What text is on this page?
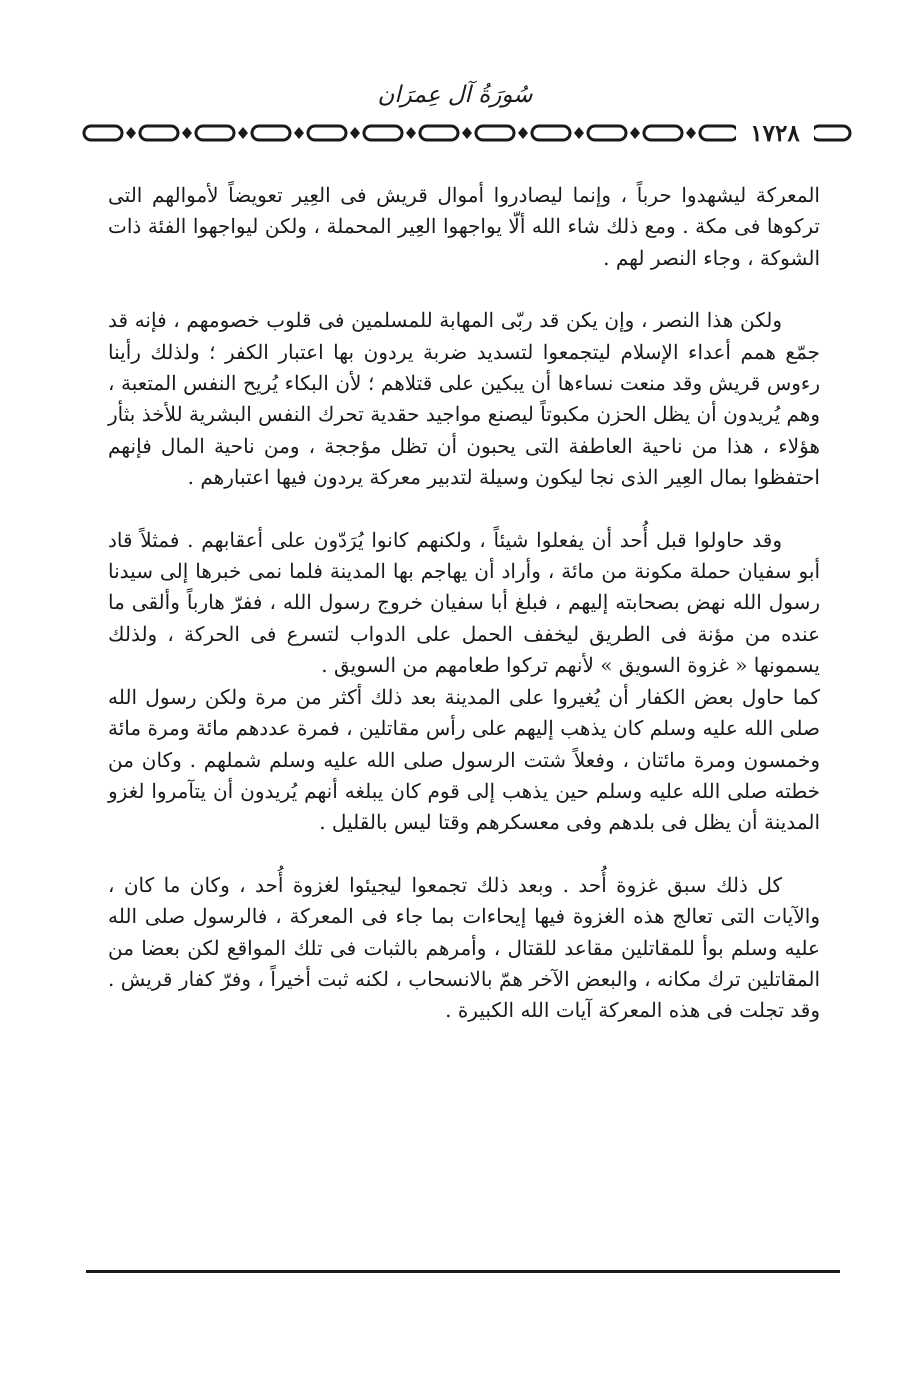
سُورَةُ آل عِمرَان
١٧٢٨

المعركة ليشهدوا حرباً ، وإنما ليصادروا أموال قريش فى العِير تعويضاً لأموالهم التى تركوها فى مكة . ومع ذلك شاء الله ألّا يواجهوا العِير المحملة ، ولكن ليواجهوا الفئة ذات الشوكة ، وجاء النصر لهم .

ولكن هذا النصر ، وإن يكن قد ربّى المهابة للمسلمين فى قلوب خصومهم ، فإنه قد جمّع همم أعداء الإسلام ليتجمعوا لتسديد ضربة يردون بها اعتبار الكفر ؛ ولذلك رأينا رءوس قريش وقد منعت نساءها أن يبكين على قتلاهم ؛ لأن البكاء يُريح النفس المتعبة ، وهم يُريدون أن يظل الحزن مكبوتاً ليصنع مواجيد حقدية تحرك النفس البشرية للأخذ بثأر هؤلاء ، هذا من ناحية العاطفة التى يحبون أن تظل مؤججة ، ومن ناحية المال فإنهم احتفظوا بمال العِير الذى نجا ليكون وسيلة لتدبير معركة يردون فيها اعتبارهم .

وقد حاولوا قبل أُحد أن يفعلوا شيئاً ، ولكنهم كانوا يُرَدّون على أعقابهم . فمثلاً قاد أبو سفيان حملة مكونة من مائة ، وأراد أن يهاجم بها المدينة فلما نمى خبرها إلى سيدنا رسول الله نهض بصحابته إليهم ، فبلغ أبا سفيان خروج رسول الله ، ففرّ هارباً وألقى ما عنده من مؤنة فى الطريق ليخفف الحمل على الدواب لتسرع فى الحركة ، ولذلك يسمونها « غزوة السويق » لأنهم تركوا طعامهم من السويق .

كما حاول بعض الكفار أن يُغيروا على المدينة بعد ذلك أكثر من مرة ولكن رسول الله صلى الله عليه وسلم كان يذهب إليهم على رأس مقاتلين ، فمرة عددهم مائة ومرة مائة وخمسون ومرة مائتان ، وفعلاً شتت الرسول صلى الله عليه وسلم شملهم . وكان من خطته صلى الله عليه وسلم حين يذهب إلى قوم كان يبلغه أنهم يُريدون أن يتآمروا لغزو المدينة أن يظل فى بلدهم وفى معسكرهم وقتا ليس بالقليل .

كل ذلك سبق غزوة أُحد . وبعد ذلك تجمعوا ليجيئوا لغزوة أُحد ، وكان ما كان ، والآيات التى تعالج هذه الغزوة فيها إيحاءات بما جاء فى المعركة ، فالرسول صلى الله عليه وسلم بوأ للمقاتلين مقاعد للقتال ، وأمرهم بالثبات فى تلك المواقع لكن بعضا من المقاتلين ترك مكانه ، والبعض الآخر همّ بالانسحاب ، لكنه ثبت أخيراً ، وفرّ كفار قريش . وقد تجلت فى هذه المعركة آيات الله الكبيرة .
